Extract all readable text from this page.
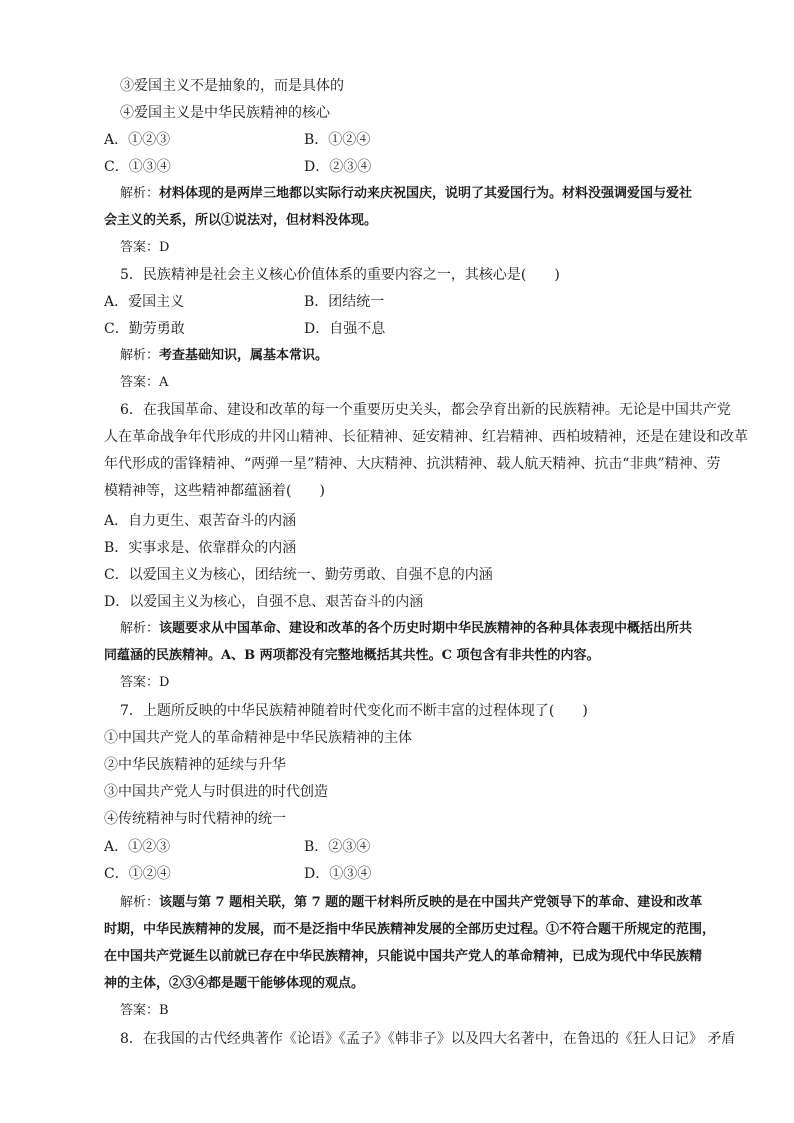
③爱国主义不是抽象的，而是具体的
④爱国主义是中华民族精神的核心
A．①②③	B．①②④
C．①③④	D．②③④
解析：材料体现的是两岸三地都以实际行动来庆祝国庆，说明了其爱国行为。材料没强调爱国与爱社
会主义的关系，所以①说法对，但材料没体现。
答案：D
5．民族精神是社会主义核心价值体系的重要内容之一，其核心是(　　)
A．爱国主义	B．团结统一
C．勤劳勇敢	D．自强不息
解析：考查基础知识，属基本常识。
答案：A
6．在我国革命、建设和改革的每一个重要历史关头，都会孕育出新的民族精神。无论是中国共产党
人在革命战争年代形成的井冈山精神、长征精神、延安精神、红岩精神、西柏坡精神，还是在建设和改革
年代形成的雷锋精神、“两弹一星”精神、大庆精神、抗洪精神、载人航天精神、抗击“非典”精神、劳
模精神等，这些精神都蕴涵着(　　)
A．自力更生、艰苦奋斗的内涵
B．实事求是、依靠群众的内涵
C．以爱国主义为核心，团结统一、勤劳勇敢、自强不息的内涵
D．以爱国主义为核心，自强不息、艰苦奋斗的内涵
解析：该题要求从中国革命、建设和改革的各个历史时期中华民族精神的各种具体表现中概括出所共
同蕴涵的民族精神。A、B 两项都没有完整地概括其共性。C 项包含有非共性的内容。
答案：D
7．上题所反映的中华民族精神随着时代变化而不断丰富的过程体现了(　　)
①中国共产党人的革命精神是中华民族精神的主体
②中华民族精神的延续与升华
③中国共产党人与时俱进的时代创造
④传统精神与时代精神的统一
A．①②③	B．②③④
C．①②④	D．①③④
解析：该题与第 7 题相关联，第 7 题的题干材料所反映的是在中国共产党领导下的革命、建设和改革
时期，中华民族精神的发展，而不是泛指中华民族精神发展的全部历史过程。①不符合题干所规定的范围，
在中国共产党诞生以前就已存在中华民族精神，只能说中国共产党人的革命精神，已成为现代中华民族精
神的主体，②③④都是题干能够体现的观点。
答案：B
8．在我国的古代经典著作《论语》《孟子》《韩非子》以及四大名著中，在鲁迅的《狂人日记》 矛盾
